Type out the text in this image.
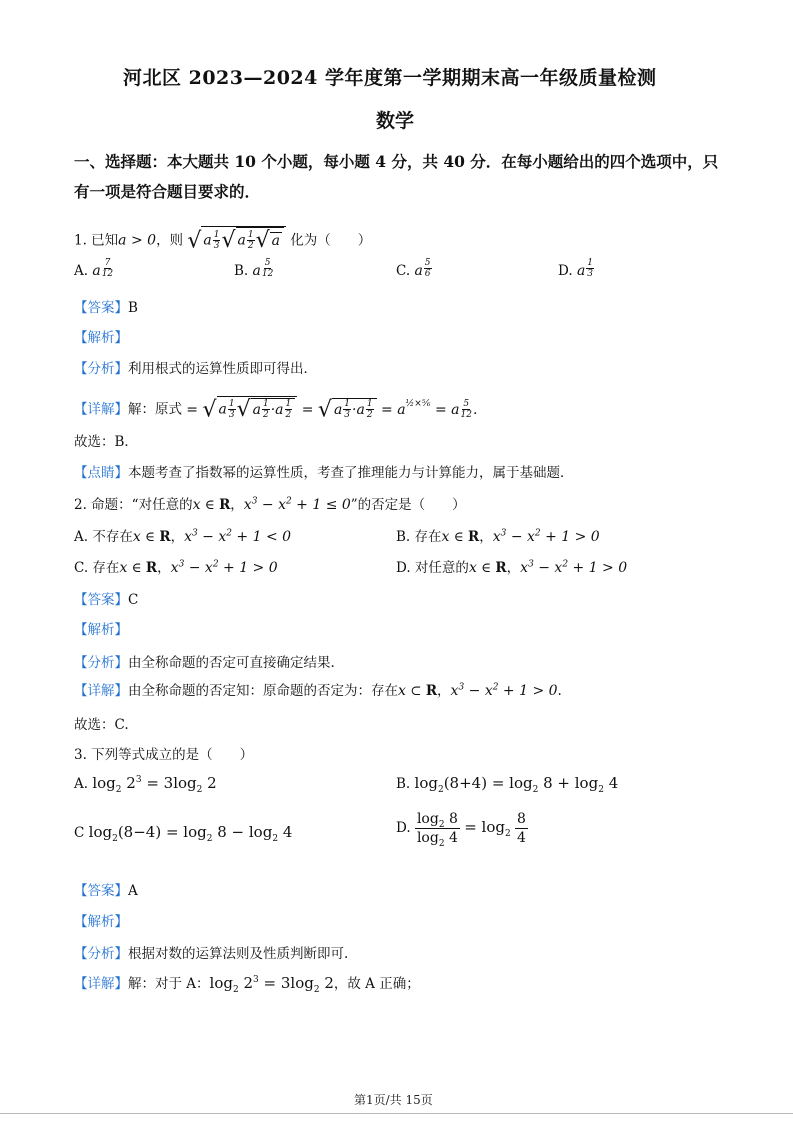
河北区 2023—2024 学年度第一学期期末高一年级质量检测
数学
一、选择题：本大题共 10 个小题，每小题 4 分，共 40 分．在每小题给出的四个选项中，只
有一项是符合题目要求的．
1. 已知a > 0，则 √ a $\frac{1}{3}$ √ a $\frac{1}{2}$ √ a 化为（　　）
A. a $\frac{7}{12}$	B. a $\frac{5}{12}$	C. a $\frac{5}{6}$	D. a $\frac{1}{3}$
【答案】B
【解析】
【分析】利用根式的运算性质即可得出．
【详解】解：原式 = √ a $\frac{1}{3}$ √ a $\frac{1}{2} \cdot a \frac{1}{2}$ = √ a $\frac{1}{3} \cdot a \frac{1}{2} = a^{\frac{1}{2}\times\frac{5}{6}} = a \frac{5}{12}$ .
故选：B．
【点睛】本题考查了指数幂的运算性质，考查了推理能力与计算能力，属于基础题．
2. 命题：“对任意的x ∈ R，$x^3 - x^2 + 1 \le 0$”的否定是（　　）
A. 不存在x ∈ R，$x^3 - x^2 + 1 < 0$	B. 存在x ∈ R，$x^3 - x^2 + 1 > 0$
C. 存在x ∈ R，$x^3 - x^2 + 1 > 0$	D. 对任意的x ∈ R，$x^3 - x^2 + 1 > 0$
【答案】C
【解析】
【分析】由全称命题的否定可直接确定结果.
【详解】由全称命题的否定知：原命题的否定为：存在x ⊂ R，$x^3 - x^2 + 1 > 0$.
故选：C.
3. 下列等式成立的是（　　）
A. $\log_2 2^3 = 3\log_2$ 2	B. $\log_2(8+4) = \log_2 8 + \log_2 4$
C $\log_2(8-4) = \log_2 8 - \log_2 4$	D. $\frac{\log_2 8}{\log_2 4} = \log_2 \frac{8}{4}$
【答案】A
【解析】
【分析】根据对数的运算法则及性质判断即可.
【详解】解：对于 A：$\log_2 2^3 = 3\log_2$ 2，故 A 正确；
第1页/共 15页
